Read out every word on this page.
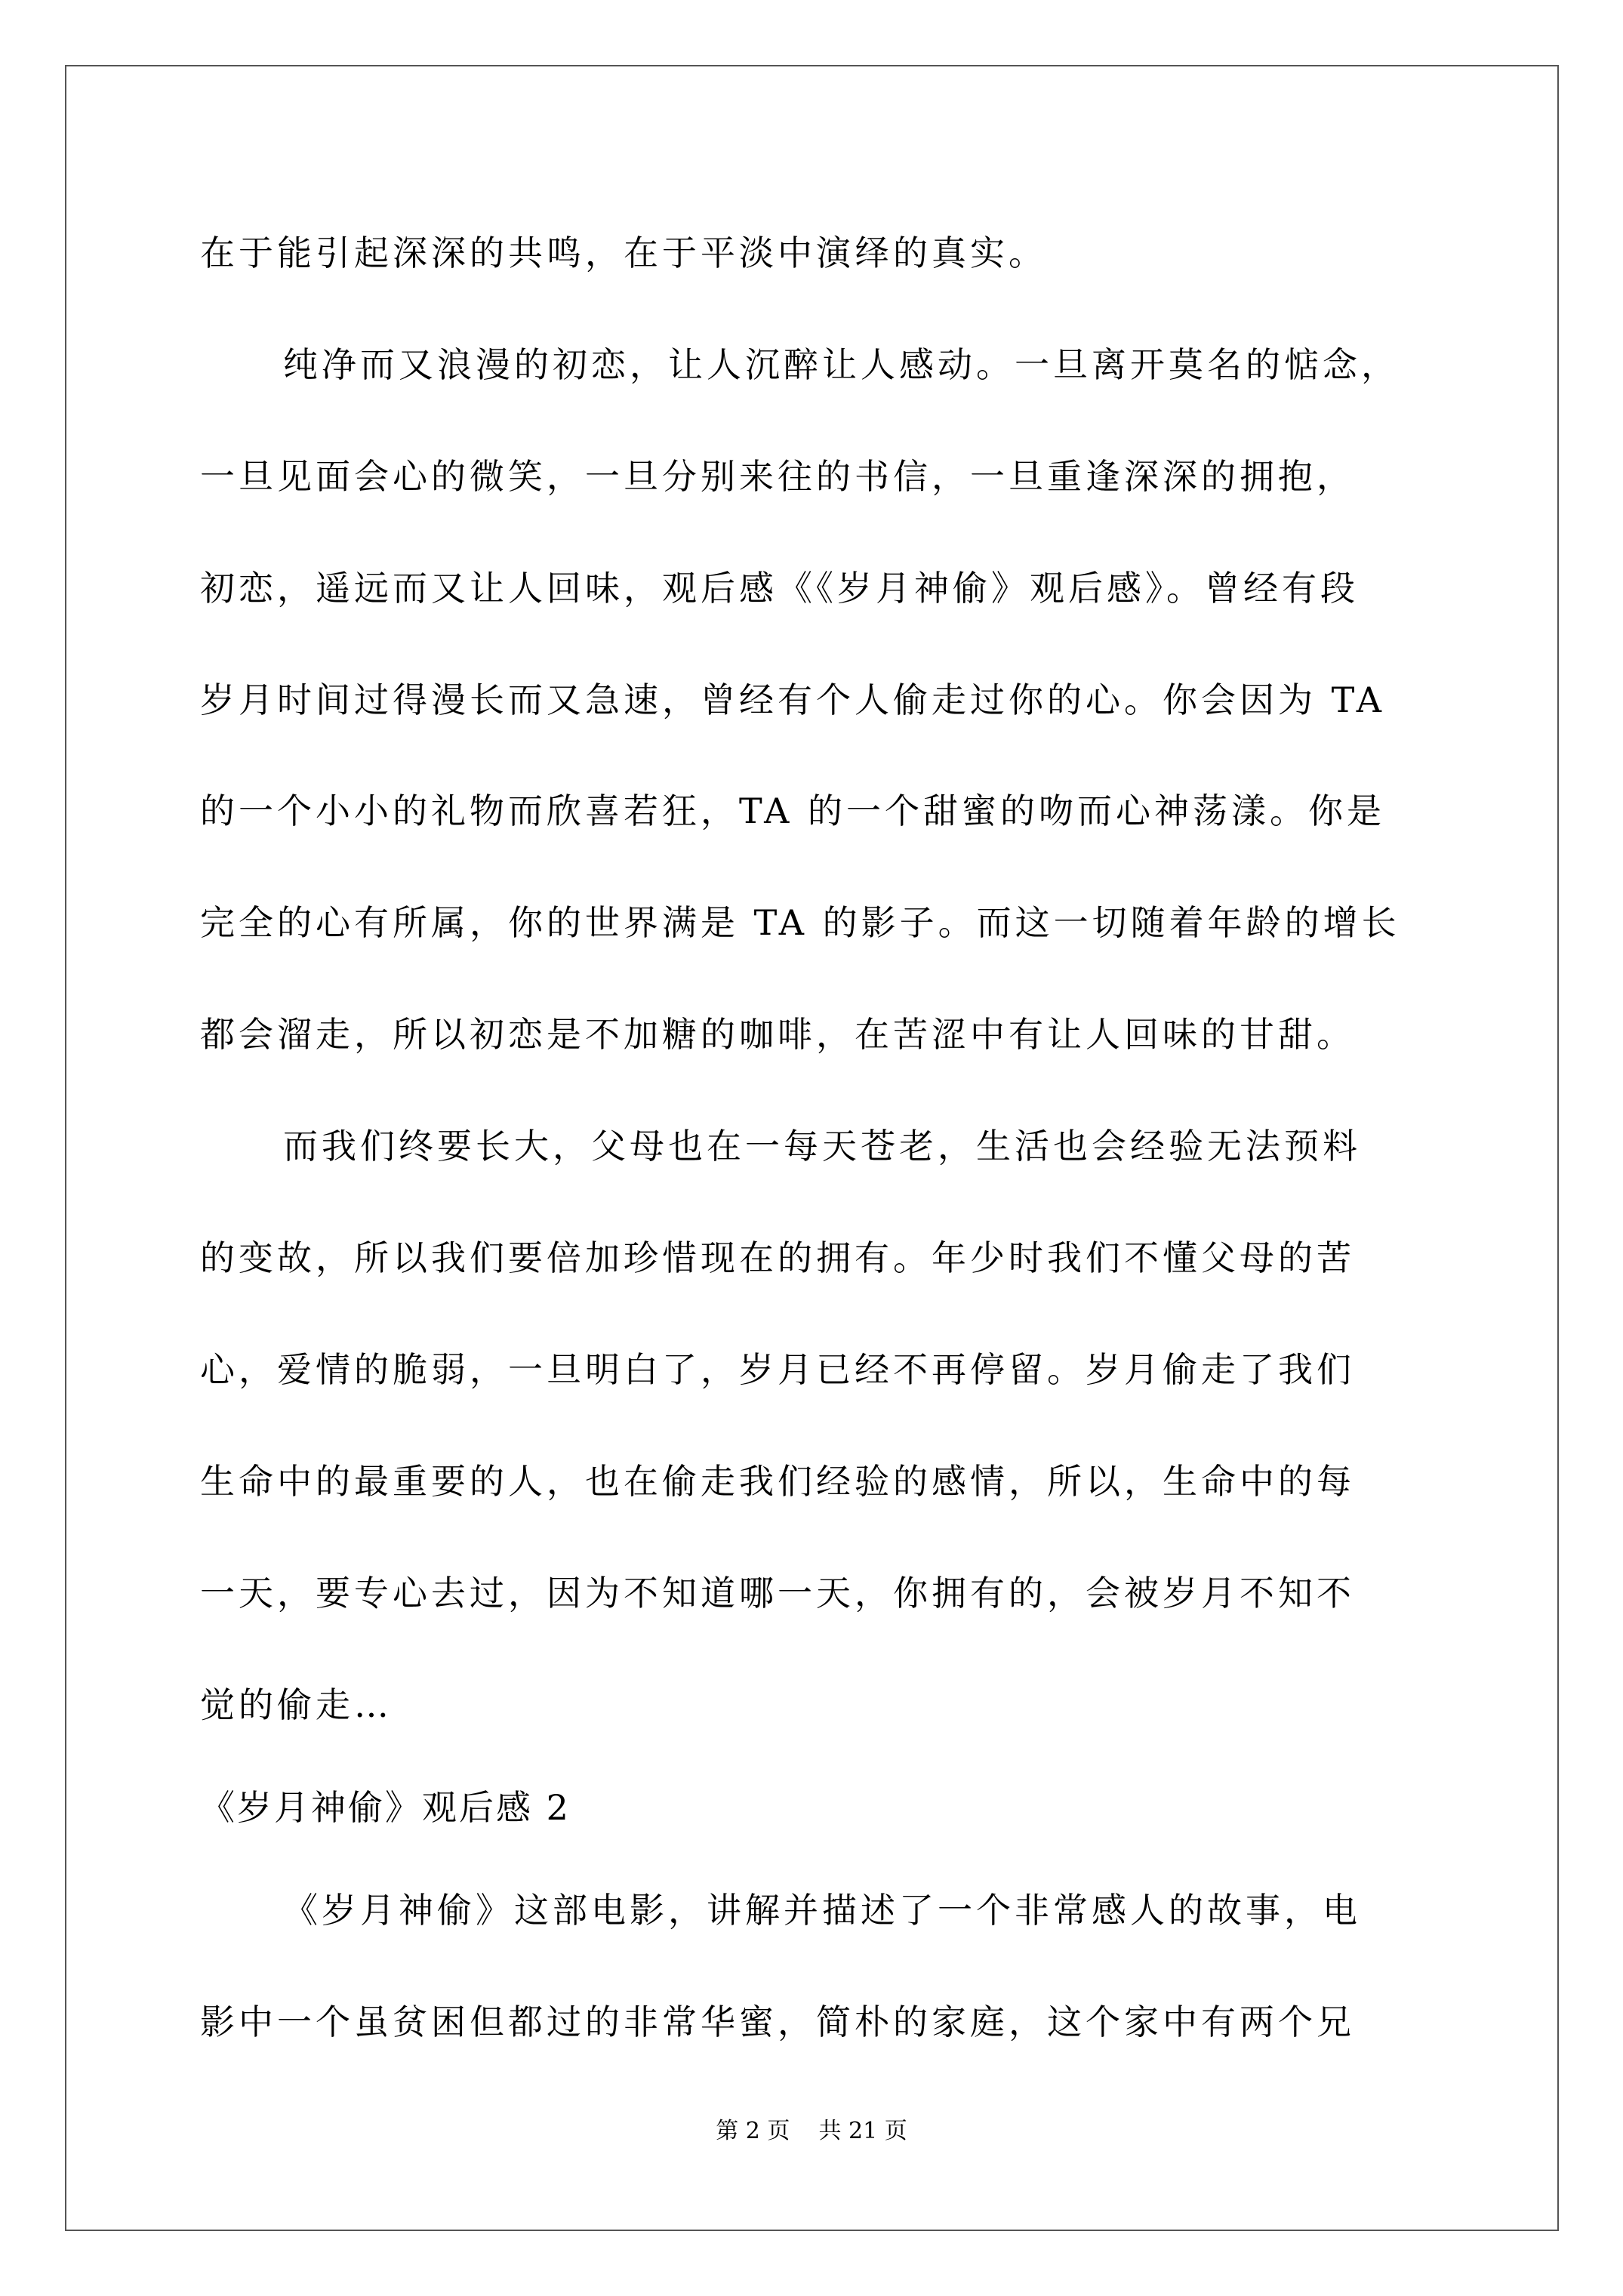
在于能引起深深的共鸣，在于平淡中演绎的真实。
纯净而又浪漫的初恋，让人沉醉让人感动。一旦离开莫名的惦念，
一旦见面会心的微笑，一旦分别来往的书信，一旦重逢深深的拥抱，
初恋，遥远而又让人回味，观后感《《岁月神偷》观后感》。曾经有段
岁月时间过得漫长而又急速，曾经有个人偷走过你的心。你会因为 TA
的一个小小的礼物而欣喜若狂，TA 的一个甜蜜的吻而心神荡漾。你是
完全的心有所属，你的世界满是 TA 的影子。而这一切随着年龄的增长
都会溜走，所以初恋是不加糖的咖啡，在苦涩中有让人回味的甘甜。
而我们终要长大，父母也在一每天苍老，生活也会经验无法预料
的变故，所以我们要倍加珍惜现在的拥有。年少时我们不懂父母的苦
心，爱情的脆弱，一旦明白了，岁月已经不再停留。岁月偷走了我们
生命中的最重要的人，也在偷走我们经验的感情，所以，生命中的每
一天，要专心去过，因为不知道哪一天，你拥有的，会被岁月不知不
觉的偷走…
《岁月神偷》观后感 2
《岁月神偷》这部电影，讲解并描述了一个非常感人的故事，电
影中一个虽贫困但都过的非常华蜜，简朴的家庭，这个家中有两个兄
第 2 页    共 21 页
